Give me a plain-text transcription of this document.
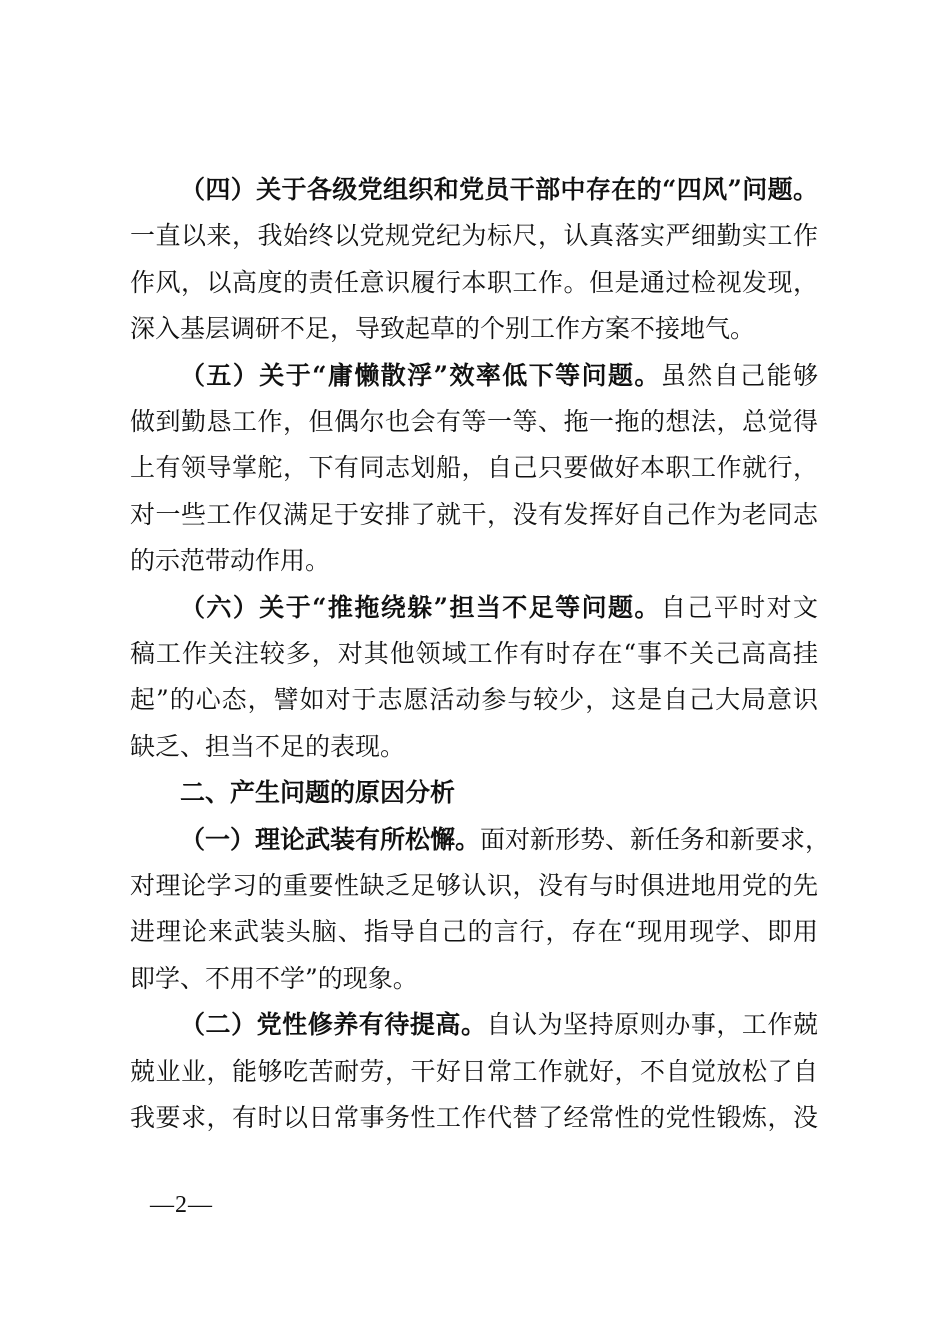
（四）关于各级党组织和党员干部中存在的“四风”问题。
一直以来，我始终以党规党纪为标尺，认真落实严细勤实工作
作风，以高度的责任意识履行本职工作。但是通过检视发现，
深入基层调研不足，导致起草的个别工作方案不接地气。
（五）关于“庸懒散浮”效率低下等问题。虽然自己能够
做到勤恳工作，但偶尔也会有等一等、拖一拖的想法，总觉得
上有领导掌舵，下有同志划船，自己只要做好本职工作就行，
对一些工作仅满足于安排了就干，没有发挥好自己作为老同志
的示范带动作用。
（六）关于“推拖绕躲”担当不足等问题。自己平时对文
稿工作关注较多，对其他领域工作有时存在“事不关己高高挂
起”的心态，譬如对于志愿活动参与较少，这是自己大局意识
缺乏、担当不足的表现。
二、产生问题的原因分析
（一）理论武装有所松懈。面对新形势、新任务和新要求，
对理论学习的重要性缺乏足够认识，没有与时俱进地用党的先
进理论来武装头脑、指导自己的言行，存在“现用现学、即用
即学、不用不学”的现象。
（二）党性修养有待提高。自认为坚持原则办事，工作兢
兢业业，能够吃苦耐劳，干好日常工作就好，不自觉放松了自
我要求，有时以日常事务性工作代替了经常性的党性锻炼，没
—2—
